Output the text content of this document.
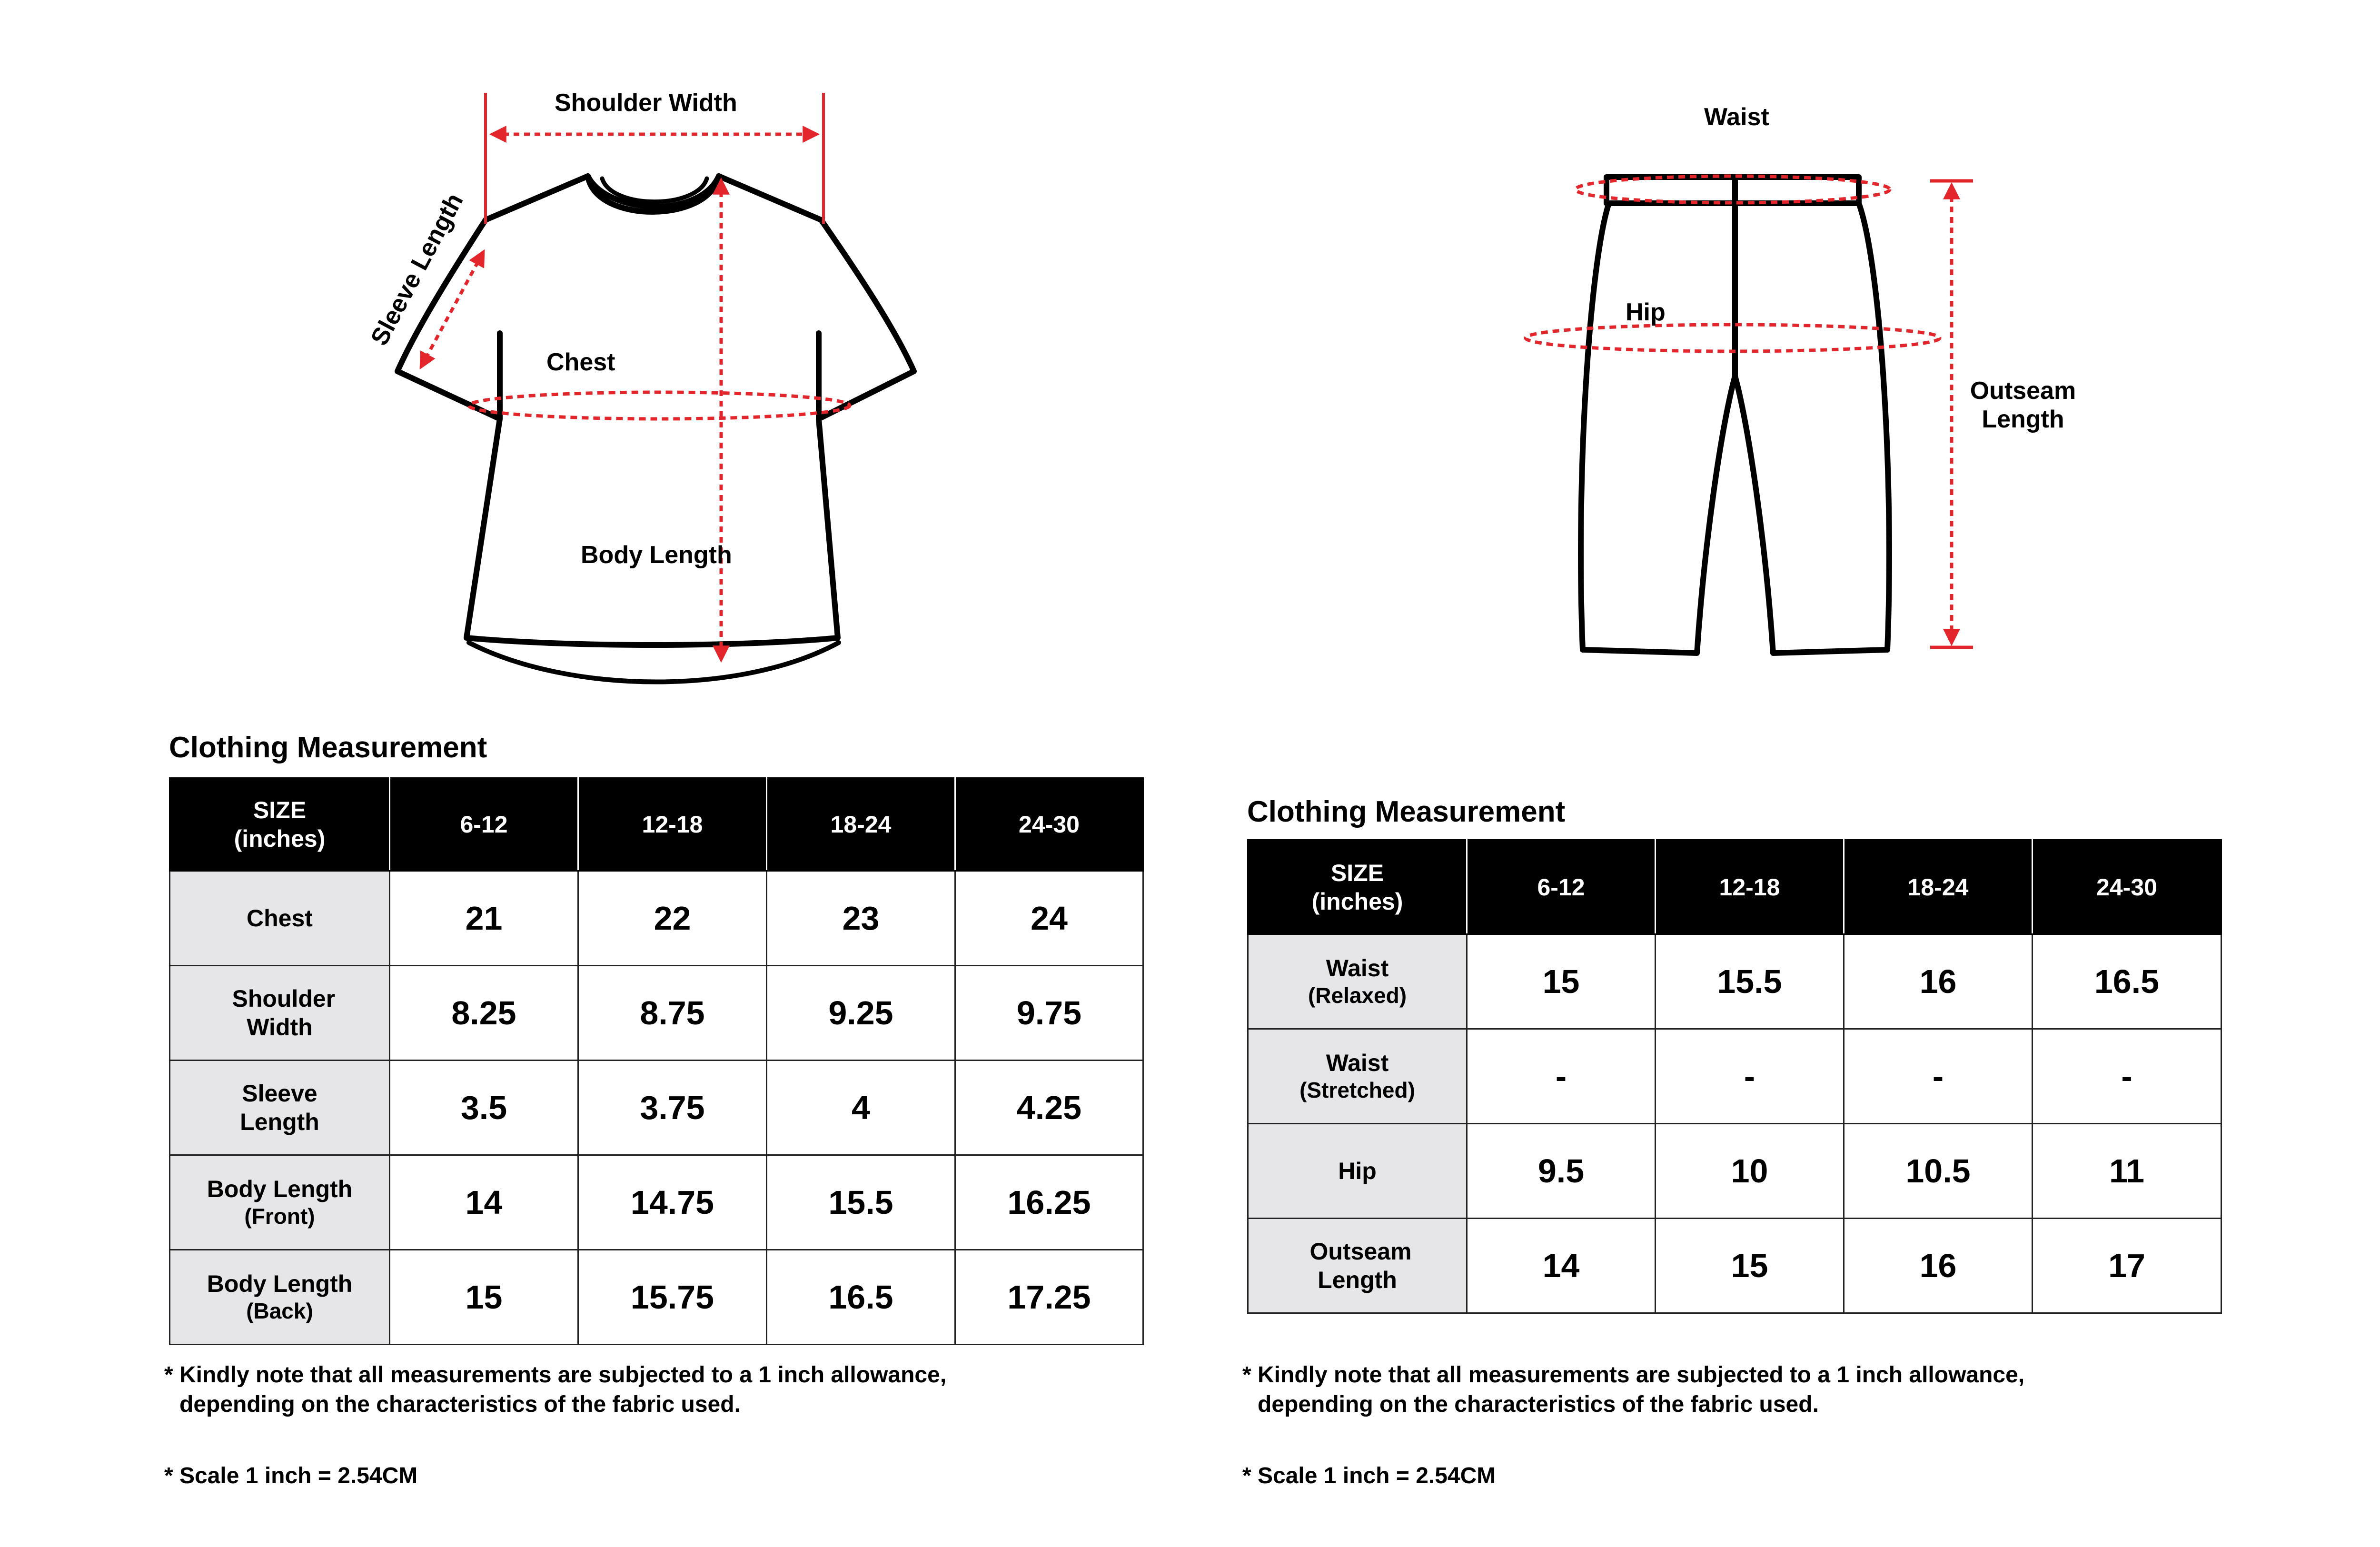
Shoulder Width
Sleeve Length
Chest
Body Length
Waist
Hip
Outseam
Length
Clothing Measurement
SIZE
(inches)	6-12	12-18	18-24	24-30
Chest	21	22	23	24
Shoulder Width	8.25	8.75	9.25	9.75
Sleeve Length	3.5	3.75	4	4.25
Body Length
(Front)	14	14.75	15.5	16.25
Body Length
(Back)	15	15.75	16.5	17.25
* Kindly note that all measurements are subjected to a 1 inch allowance,
depending on the characteristics of the fabric used.
* Scale 1 inch = 2.54CM
Clothing Measurement
SIZE
(inches)	6-12	12-18	18-24	24-30
Waist
(Relaxed)	15	15.5	16	16.5
Waist
(Stretched)	-	-	-	-
Hip	9.5	10	10.5	11
Outseam Length	14	15	16	17
* Kindly note that all measurements are subjected to a 1 inch allowance,
depending on the characteristics of the fabric used.
* Scale 1 inch = 2.54CM
